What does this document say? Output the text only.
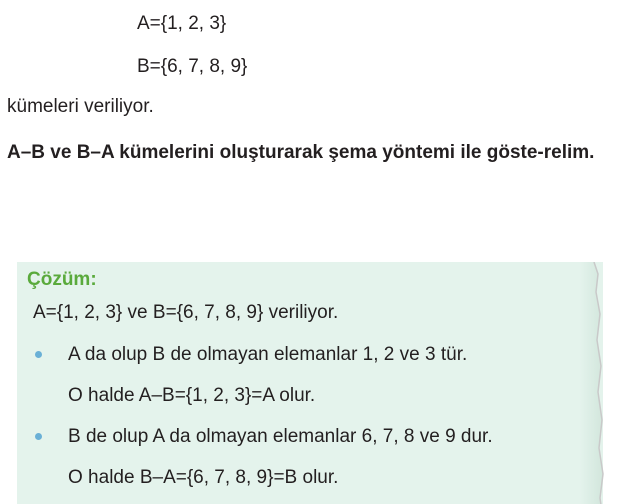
A={1, 2, 3}
B={6, 7, 8, 9}
kümeleri veriliyor.
A–B ve B–A kümelerini oluşturarak şema yöntemi ile göste-relim.
Çözüm:
A={1, 2, 3} ve B={6, 7, 8, 9} veriliyor.
A da olup B de olmayan elemanlar 1, 2 ve 3 tür.
O halde A–B={1, 2, 3}=A olur.
B de olup A da olmayan elemanlar 6, 7, 8 ve 9 dur.
O halde B–A={6, 7, 8, 9}=B olur.
